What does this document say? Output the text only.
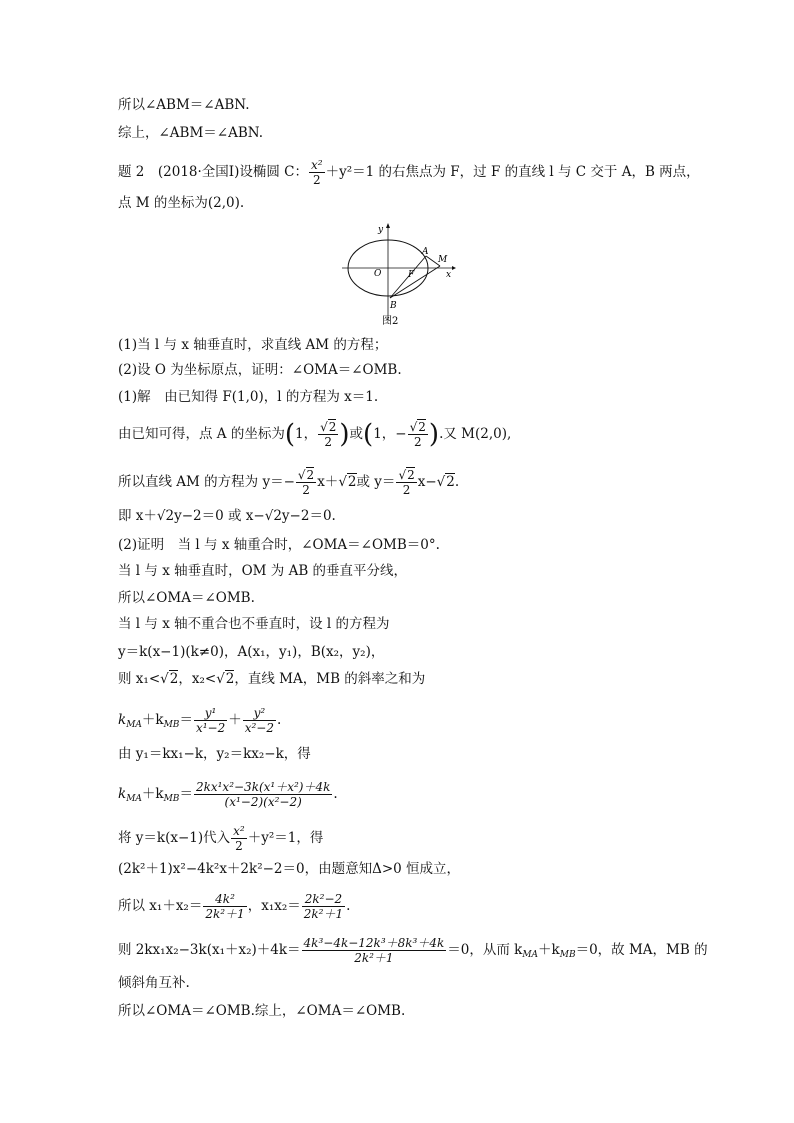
所以∠ABM＝∠ABN.
综上，∠ABM＝∠ABN.
题 2　(2018·全国Ⅰ)设椭圆 C： $\frac{\text{x²}}{2} +y^2=1$ 的右焦点为 F，过 F 的直线 l 与 C 交于 A，B 两点，
点 M 的坐标为(2,0).
O	F
A
B
M
x
y
图2
(1)当 l 与 x 轴垂直时，求直线 AM 的方程；
(2)设 O 为坐标原点，证明：∠OMA＝∠OMB.
(1)解　由已知得 F(1,0)，l 的方程为 x＝1.
由已知可得，点 A 的坐标为(1， $\frac{√2}{2}$ )或(1，− $\frac{√2}{2}$ ).又 M(2,0),
所以直线 AM 的方程为 $y=- \frac{√2}{2} x+√2$或 $y= \frac{√2}{2} x-√2$.
即 x＋√2y−2＝0 或 x−√2y−2＝0.
(2)证明　当 l 与 x 轴重合时，∠OMA＝∠OMB＝0°.
当 l 与 x 轴垂直时，OM 为 AB 的垂直平分线，
所以∠OMA＝∠OMB.
当 l 与 x 轴不重合也不垂直时，设 l 的方程为
y＝k(x−1)(k≠0)，A(x₁，y₁)，B(x₂，y₂)，
则 x₁<√2，x₂<√2，直线 MA，MB 的斜率之和为
$k_{MA}+k_{MB}= \frac{\text{y¹}}{\text{x¹−2}} + \frac{\text{y²}}{\text{x²−2}}$ .
由 y₁＝kx₁−k，y₂＝kx₂−k，得
$k_{MA}+k_{MB}= \frac{\text{2kx¹x²−3k(x¹＋x²)＋4k}}{\text{(x¹−2)(x²−2)}}$ .
将 y＝k(x−1)代入 $\frac{\text{x²}}{2} +y^2=1$，得
(2k²＋1)x²−4k²x＋2k²−2＝0，由题意知Δ>0 恒成立，
所以 $x_1+x_2= \frac{\text{4k²}}{\text{2k²＋1}}$ ，$x_1x_2= \frac{\text{2k²−2}}{\text{2k²＋1}}$ .
则 $2kx_1x_2-3k(x_1+x_2)+4k= \frac{\text{4k³−4k−12k³＋8k³＋4k}}{\text{2k²＋1}} =0$，从而 $k_{MA}+k_{MB}=0$，故 MA，MB 的
倾斜角互补.
所以∠OMA＝∠OMB.综上，∠OMA＝∠OMB.
